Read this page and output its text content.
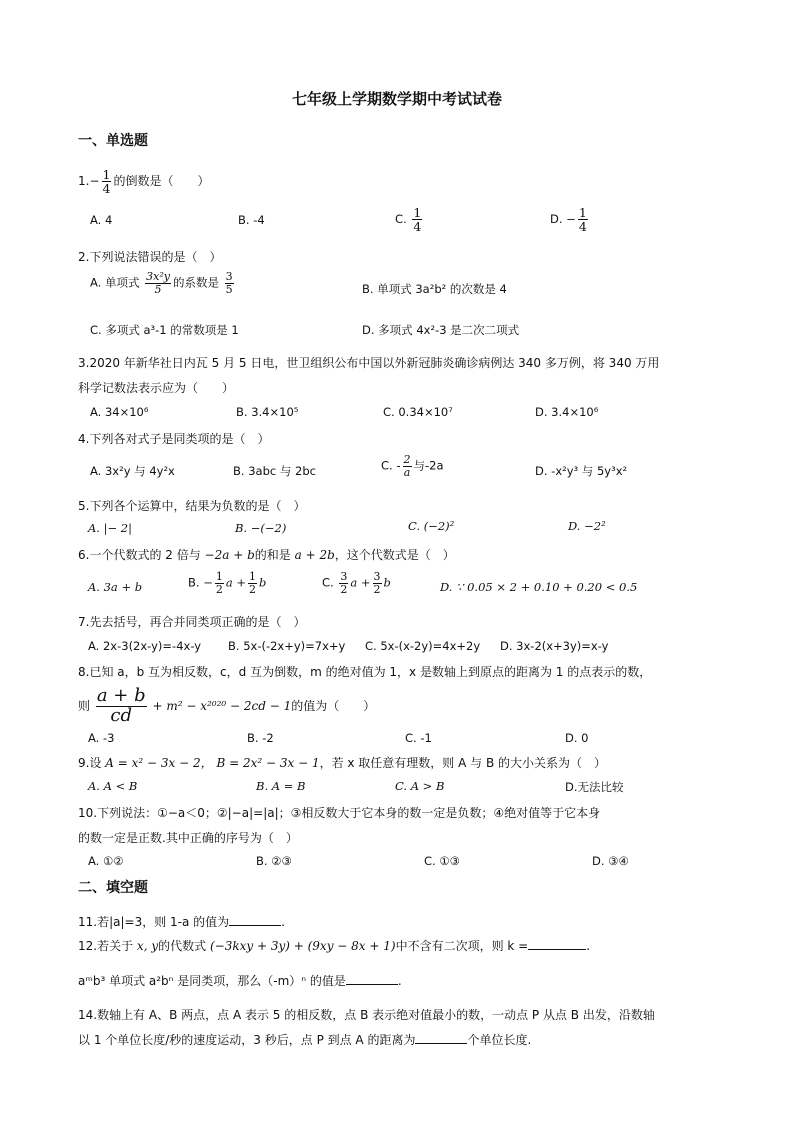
七年级上学期数学期中考试试卷
一、单选题
$1.- \frac{1}{4}$ 的倒数是（　　）
A. 4	B. -4	C. $\frac{1}{4}$	D. − $\frac{1}{4}$
2.下列说法错误的是（　）
A. 单项式 $\frac{\text{3x²y}}{5}$ 的系数是 $\frac{3}{5}$	B. 单项式 3a²b² 的次数是 4
C. 多项式 a³-1 的常数项是 1	D. 多项式 4x²-3 是二次二项式
3.2020 年新华社日内瓦 5 月 5 日电，世卫组织公布中国以外新冠肺炎确诊病例达 340 多万例，将 340 万用
科学记数法表示应为（　　）
A. 34×10⁶	B. 3.4×10⁵	C. 0.34×10⁷	D. 3.4×10⁶
4.下列各对式子是同类项的是（　）
A. 3x²y 与 4y²x	B. 3abc 与 2bc	C. - $\frac{2}{a}$ 与-2a	D. -x²y³ 与 5y³x²
5.下列各个运算中，结果为负数的是（　）
A. |− 2|	B. −(−2)	C. (−2)²	D. −2²
6.一个代数式的 2 倍与 −2a + b的和是 a + 2b，这个代数式是（　）
A. 3a + b	B. − $\frac{1}{2}$ $a + \frac{1}{2}$ b	C. $\frac{3}{2}$ $a + \frac{3}{2}$ b	D. ∵ 0.05 × 2 + 0.10 + 0.20 < 0.5
7.先去括号，再合并同类项正确的是（　）
A. 2x-3(2x-y)=-4x-y B. 5x-(-2x+y)=7x+y C. 5x-(x-2y)=4x+2y D. 3x-2(x+3y)=x-y
8.已知 a，b 互为相反数，c，d 互为倒数，m 的绝对值为 1，x 是数轴上到原点的距离为 1 的点表示的数，
则 $\frac{a + b}{cd} + m^2 - x^{2020} - 2cd - 1$的值为（　　）
A. -3	B. -2	C. -1	D. 0
9.设 A = x² − 3x − 2， B = 2x² − 3x − 1，若 x 取任意有理数，则 A 与 B 的大小关系为（　）
A. A < B	B. A = B	C. A > B	D.无法比较
10.下列说法：①−a＜0；②|−a|=|a|；③相反数大于它本身的数一定是负数；④绝对值等于它本身
的数一定是正数.其中正确的序号为（　）
A. ①②	B. ②③	C. ①③	D. ③④
二、填空题
11.若|a|=3，则 1-a 的值为	.
12.若关于 x, y的代数式 (−3kxy + 3y) + (9xy − 8x + 1)中不含有二次项，则 k =	.
aᵐb³ 单项式 a²bⁿ 是同类项，那么（-m）ⁿ 的值是	.
14.数轴上有 A、B 两点，点 A 表示 5 的相反数，点 B 表示绝对值最小的数，一动点 P 从点 B 出发，沿数轴
以 1 个单位长度/秒的速度运动，3 秒后，点 P 到点 A 的距离为	个单位长度.
